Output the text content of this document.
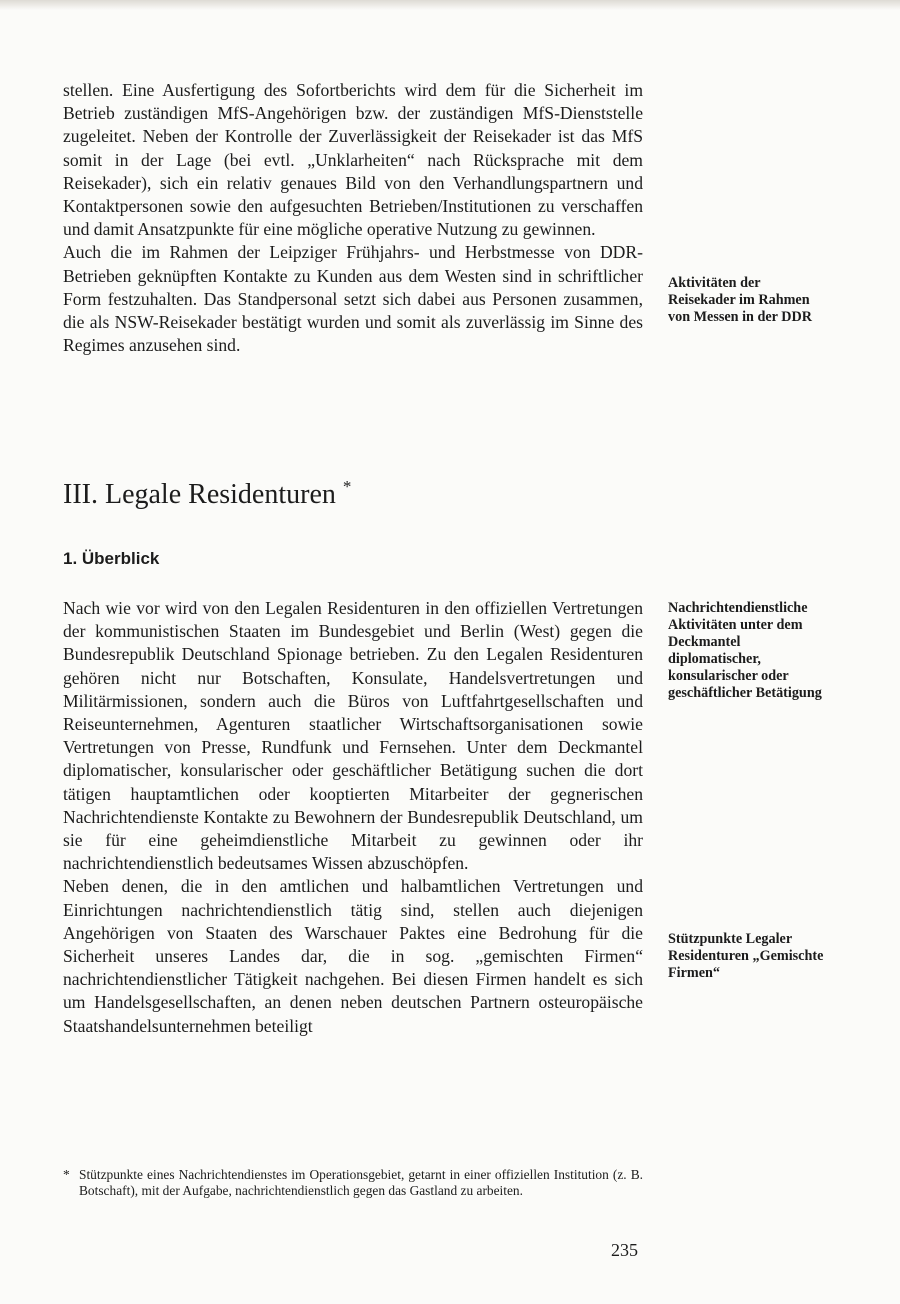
stellen. Eine Ausfertigung des Sofortberichts wird dem für die Sicherheit im Betrieb zuständigen MfS-Angehörigen bzw. der zuständigen MfS-Dienststelle zugeleitet. Neben der Kontrolle der Zuverlässigkeit der Reisekader ist das MfS somit in der Lage (bei evtl. „Unklarheiten“ nach Rücksprache mit dem Reisekader), sich ein relativ genaues Bild von den Verhandlungspartnern und Kontaktpersonen sowie den aufgesuchten Betrieben/Institutionen zu verschaffen und damit Ansatzpunkte für eine mögliche operative Nutzung zu gewinnen.

Auch die im Rahmen der Leipziger Frühjahrs- und Herbstmesse von DDR-Betrieben geknüpften Kontakte zu Kunden aus dem Westen sind in schriftlicher Form festzuhalten. Das Standpersonal setzt sich dabei aus Personen zusammen, die als NSW-Reisekader bestätigt wurden und somit als zuverlässig im Sinne des Regimes anzusehen sind.

Aktivitäten der Reisekader im Rahmen von Messen in der DDR

III. Legale Residenturen *
1. Überblick

Nach wie vor wird von den Legalen Residenturen in den offiziellen Vertretungen der kommunistischen Staaten im Bundesgebiet und Berlin (West) gegen die Bundesrepublik Deutschland Spionage betrieben. Zu den Legalen Residenturen gehören nicht nur Botschaften, Konsulate, Handelsvertretungen und Militärmissionen, sondern auch die Büros von Luftfahrtgesellschaften und Reiseunternehmen, Agenturen staatlicher Wirtschaftsorganisationen sowie Vertretungen von Presse, Rundfunk und Fernsehen. Unter dem Deckmantel diplomatischer, konsularischer oder geschäftlicher Betätigung suchen die dort tätigen hauptamtlichen oder kooptierten Mitarbeiter der gegnerischen Nachrichtendienste Kontakte zu Bewohnern der Bundesrepublik Deutschland, um sie für eine geheimdienstliche Mitarbeit zu gewinnen oder ihr nachrichtendienstlich bedeutsames Wissen abzuschöpfen.

Neben denen, die in den amtlichen und halbamtlichen Vertretungen und Einrichtungen nachrichtendienstlich tätig sind, stellen auch diejenigen Angehörigen von Staaten des Warschauer Paktes eine Bedrohung für die Sicherheit unseres Landes dar, die in sog. „gemischten Firmen“ nachrichtendienstlicher Tätigkeit nachgehen. Bei diesen Firmen handelt es sich um Handelsgesellschaften, an denen neben deutschen Partnern osteuropäische Staatshandelsunternehmen beteiligt

Nachrichtendienstliche Aktivitäten unter dem Deckmantel diplomatischer, konsularischer oder geschäftlicher Betätigung

Stützpunkte Legaler Residenturen „Gemischte Firmen“

* Stützpunkte eines Nachrichtendienstes im Operationsgebiet, getarnt in einer offiziellen Institution (z. B. Botschaft), mit der Aufgabe, nachrichtendienstlich gegen das Gastland zu arbeiten.

235
